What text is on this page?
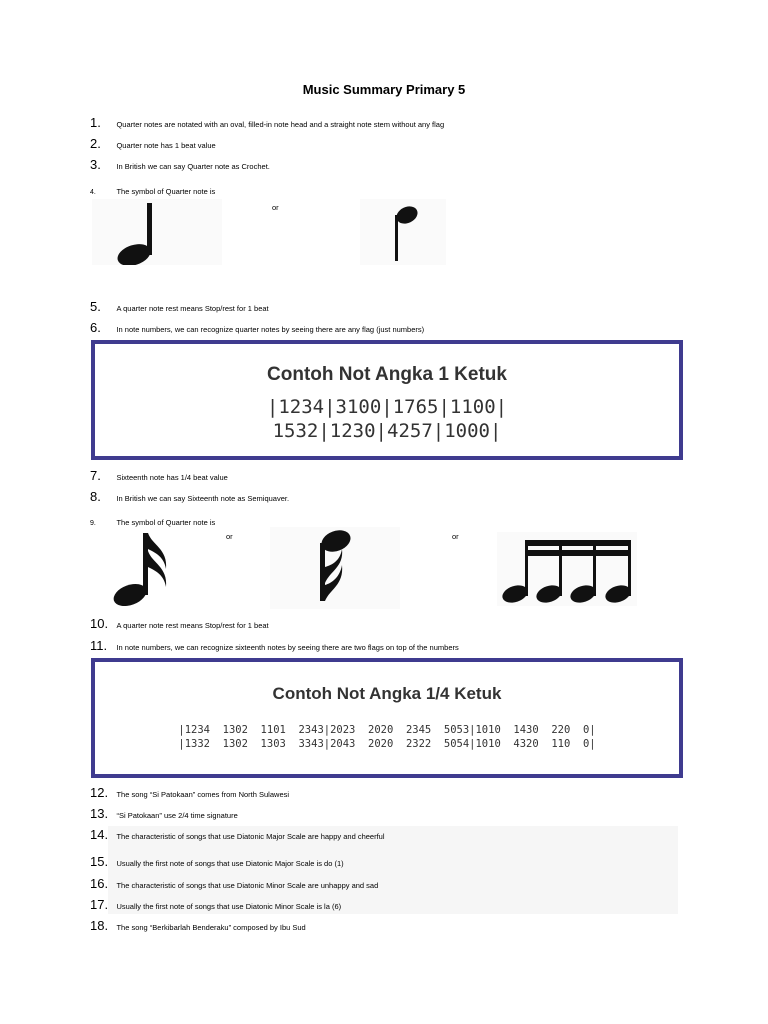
Music Summary Primary 5
1. Quarter notes are notated with an oval, filled-in note head and a straight note stem without any flag
2. Quarter note has 1 beat value
3. In British we can say Quarter note as Crochet.
4.	The symbol of Quarter note is
or
5. A quarter note rest means Stop/rest for 1 beat
6. In note numbers, we can recognize quarter notes by seeing there are any flag (just numbers)
Contoh Not Angka 1 Ketuk
|1234|3100|1765|1100|
1532|1230|4257|1000|
7. Sixteenth note has 1/4 beat value
8. In British we can say Sixteenth note as Semiquaver.
9.	The symbol of Quarter note is
or	or
10. A quarter note rest means Stop/rest for 1 beat
11. In note numbers, we can recognize sixteenth notes by seeing there are two flags on top of the numbers
Contoh Not Angka 1/4 Ketuk
|1234  1302  1101  2343|2023  2020  2345  5053|1010  1430  220  0|
|1332  1302  1303  3343|2043  2020  2322  5054|1010  4320  110  0|
12. The song “Si Patokaan” comes from North Sulawesi
13. “Si Patokaan” use 2/4 time signature
14. The characteristic of songs that use Diatonic Major Scale are happy and cheerful
15. Usually the first note of songs that use Diatonic Major Scale is do (1)
16. The characteristic of songs that use Diatonic Minor Scale are unhappy and sad
17. Usually the first note of songs that use Diatonic Minor Scale is la (6)
18. The song “Berkibarlah Benderaku” composed by Ibu Sud
